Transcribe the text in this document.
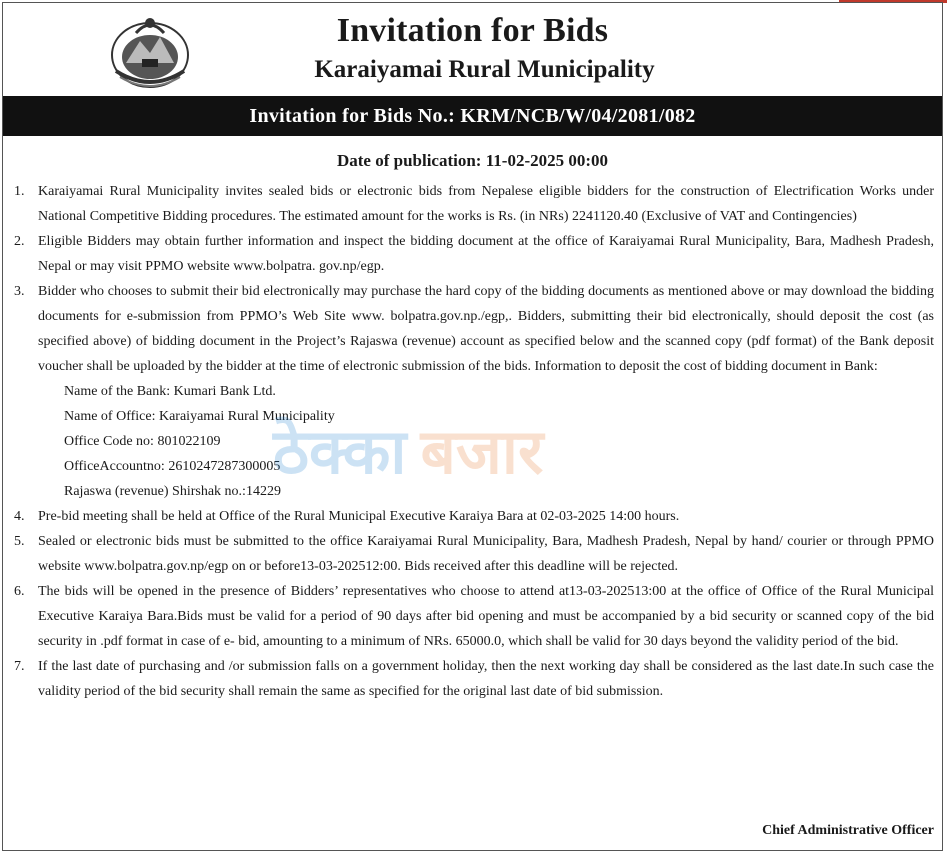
Invitation for Bids
Karaiyamai Rural Municipality
Invitation for Bids No.: KRM/NCB/W/04/2081/082
Date of publication: 11-02-2025 00:00
1. Karaiyamai Rural Municipality invites sealed bids or electronic bids from Nepalese eligible bidders for the construction of Electrification Works under National Competitive Bidding procedures. The estimated amount for the works is Rs. (in NRs) 2241120.40 (Exclusive of VAT and Contingencies)
2. Eligible Bidders may obtain further information and inspect the bidding document at the office of Karaiyamai Rural Municipality, Bara, Madhesh Pradesh, Nepal or may visit PPMO website www.bolpatra. gov.np/egp.
3. Bidder who chooses to submit their bid electronically may purchase the hard copy of the bidding documents as mentioned above or may download the bidding documents for e-submission from PPMO’s Web Site www. bolpatra.gov.np./egp,. Bidders, submitting their bid electronically, should deposit the cost (as specified above) of bidding document in the Project’s Rajaswa (revenue) account as specified below and the scanned copy (pdf format) of the Bank deposit voucher shall be uploaded by the bidder at the time of electronic submission of the bids. Information to deposit the cost of bidding document in Bank:
Name of the Bank: Kumari Bank Ltd.
Name of Office: Karaiyamai Rural Municipality
Office Code no: 801022109
OfficeAccountno: 2610247287300005
Rajaswa (revenue) Shirshak no.:14229
4. Pre-bid meeting shall be held at Office of the Rural Municipal Executive Karaiya Bara at 02-03-2025 14:00 hours.
5. Sealed or electronic bids must be submitted to the office Karaiyamai Rural Municipality, Bara, Madhesh Pradesh, Nepal by hand/ courier or through PPMO website www.bolpatra.gov.np/egp on or before13-03-202512:00. Bids received after this deadline will be rejected.
6. The bids will be opened in the presence of Bidders’ representatives who choose to attend at13-03-202513:00 at the office of Office of the Rural Municipal Executive Karaiya Bara.Bids must be valid for a period of 90 days after bid opening and must be accompanied by a bid security or scanned copy of the bid security in .pdf format in case of e- bid, amounting to a minimum of NRs. 65000.0, which shall be valid for 30 days beyond the validity period of the bid.
7. If the last date of purchasing and /or submission falls on a government holiday, then the next working day shall be considered as the last date.In such case the validity period of the bid security shall remain the same as specified for the original last date of bid submission.
ठेक्का बजार
Chief Administrative Officer
